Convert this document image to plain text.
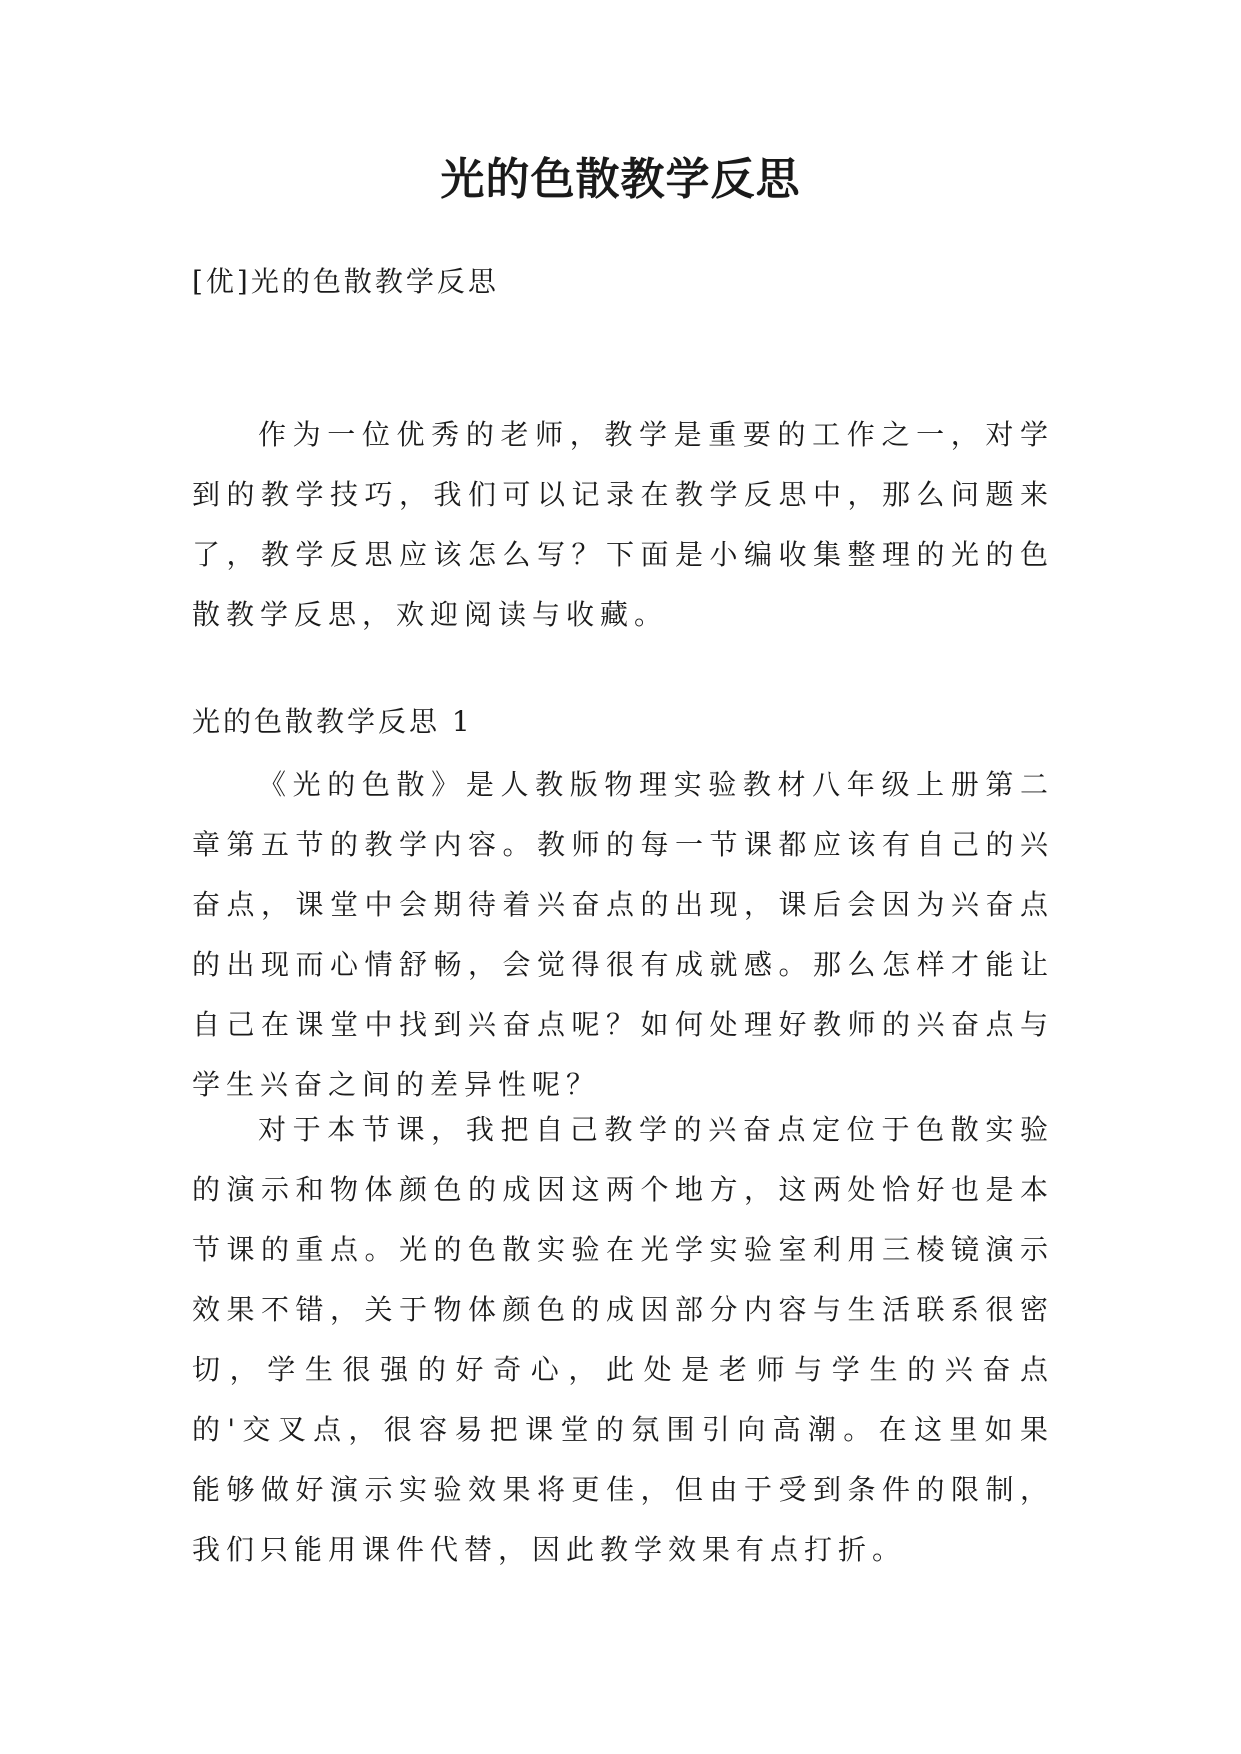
光的色散教学反思

[优]光的色散教学反思

作为一位优秀的老师，教学是重要的工作之一，对学到的教学技巧，我们可以记录在教学反思中，那么问题来了，教学反思应该怎么写？下面是小编收集整理的光的色散教学反思，欢迎阅读与收藏。

光的色散教学反思 1

《光的色散》是人教版物理实验教材八年级上册第二章第五节的教学内容。教师的每一节课都应该有自己的兴奋点，课堂中会期待着兴奋点的出现，课后会因为兴奋点的出现而心情舒畅，会觉得很有成就感。那么怎样才能让自己在课堂中找到兴奋点呢？如何处理好教师的兴奋点与学生兴奋之间的差异性呢？

对于本节课，我把自己教学的兴奋点定位于色散实验的演示和物体颜色的成因这两个地方，这两处恰好也是本节课的重点。光的色散实验在光学实验室利用三棱镜演示效果不错，关于物体颜色的成因部分内容与生活联系很密切，学生很强的好奇心，此处是老师与学生的兴奋点的'交叉点，很容易把课堂的氛围引向高潮。在这里如果能够做好演示实验效果将更佳，但由于受到条件的限制，我们只能用课件代替，因此教学效果有点打折。
